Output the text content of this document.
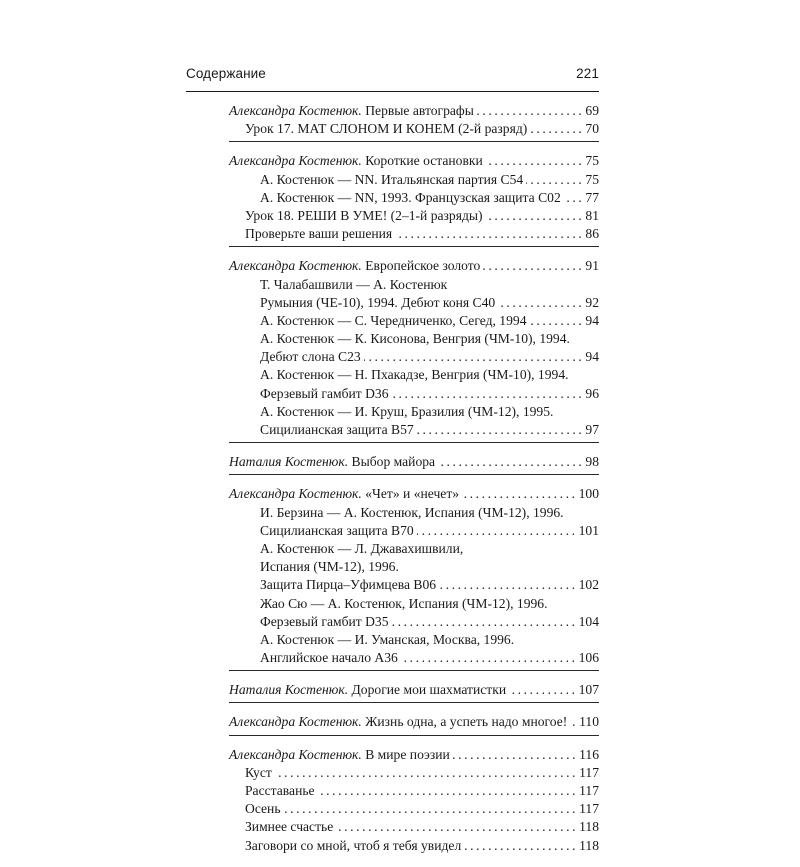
Содержание	221
Александра Костенюк. Первые автографы .....	69
Урок 17. МАТ СЛОНОМ И КОНЕМ (2-й разряд) .....	70
Александра Костенюк. Короткие остановки .....	75
А. Костенюк — NN. Итальянская партия C54 .....	75
А. Костенюк — NN, 1993. Французская защита C02 ..... 77
Урок 18. РЕШИ В УМЕ! (2–1-й разряды) .....	81
Проверьте ваши решения .....	86
Александра Костенюк. Европейское золото .....	91
Т. Чалабашвили — А. Костенюк
Румыния (ЧЕ-10), 1994. Дебют коня C40 .....	92
А. Костенюк — С. Чередниченко, Сегед, 1994 .....	94
А. Костенюк — К. Кисонова, Венгрия (ЧМ-10), 1994.
Дебют слона C23 .....	94
А. Костенюк — Н. Пхакадзе, Венгрия (ЧМ-10), 1994.
Ферзевый гамбит D36 .....	96
А. Костенюк — И. Круш, Бразилия (ЧМ-12), 1995.
Сицилианская защита B57 .....	97
Наталия Костенюк. Выбор майора .....	98
Александра Костенюк. «Чет» и «нечет» .....	100
И. Берзина — А. Костенюк, Испания (ЧМ-12), 1996.
Сицилианская защита B70 .....	101
А. Костенюк — Л. Джавахишвили,
Испания (ЧМ-12), 1996.
Защита Пирца–Уфимцева B06 .....	102
Жао Сю — А. Костенюк, Испания (ЧМ-12), 1996.
Ферзевый гамбит D35 .....	104
А. Костенюк — И. Уманская, Москва, 1996.
Английское начало A36 .....	106
Наталия Костенюк. Дорогие мои шахматистки .....	107
Александра Костенюк. Жизнь одна, а успеть надо многое! ..... 110
Александра Костенюк. В мире поэзии .....	116
Куст .....	117
Расставанье .....	117
Осень .....	117
Зимнее счастье .....	118
Заговори со мной, чтоб я тебя увидел .....	118
